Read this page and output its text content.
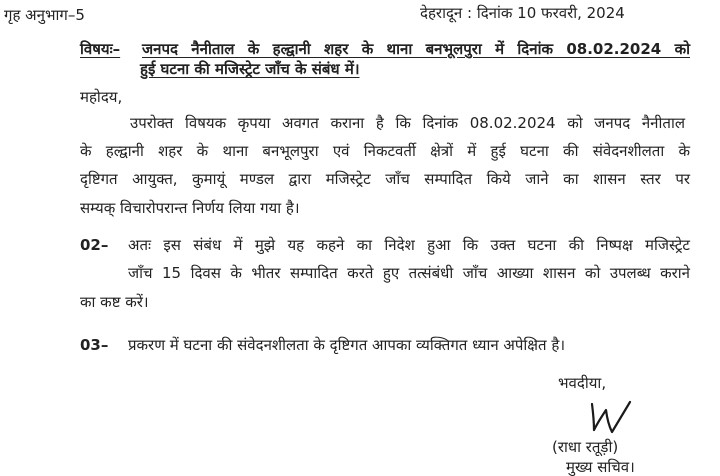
गृह अनुभाग–5	देहरादून : दिनांक 10 फरवरी, 2024
विषयः– जनपद नैनीताल के हल्द्वानी शहर के थाना बनभूलपुरा में दिनांक 08.02.2024 को
हुई घटना की मजिस्ट्रेट जाँच के संबंध में।
महोदय,
उपरोक्त विषयक कृपया अवगत कराना है कि दिनांक 08.02.2024 को जनपद नैनीताल
के हल्द्वानी शहर के थाना बनभूलपुरा एवं निकटवर्ती क्षेत्रों में हुई घटना की संवेदनशीलता के
दृष्टिगत आयुक्त, कुमायूं मण्डल द्वारा मजिस्ट्रेट जाँच सम्पादित किये जाने का शासन स्तर पर
सम्यक् विचारोपरान्त निर्णय लिया गया है।
02– अतः इस संबंध में मुझे यह कहने का निदेश हुआ कि उक्त घटना की निष्पक्ष मजिस्ट्रेट
जाँच 15 दिवस के भीतर सम्पादित करते हुए तत्संबंधी जाँच आख्या शासन को उपलब्ध कराने
का कष्ट करें।
03– प्रकरण में घटना की संवेदनशीलता के दृष्टिगत आपका व्यक्तिगत ध्यान अपेक्षित है।
भवदीया,
(राधा रतूड़ी)
मुख्य सचिव।
